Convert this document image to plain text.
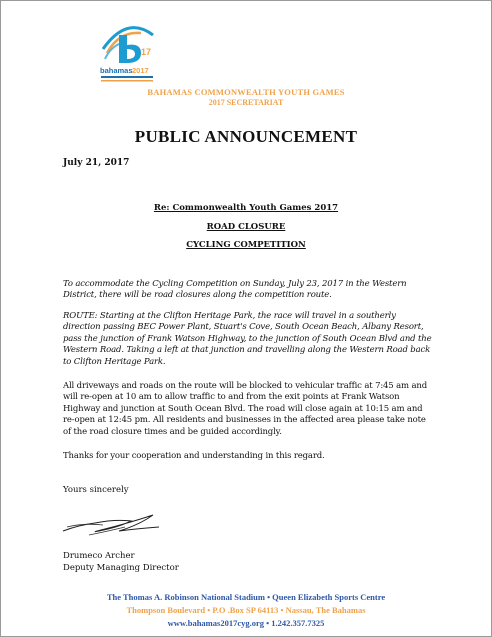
17
bahamas 2017
BAHAMAS COMMONWEALTH YOUTH GAMES
2017 SECRETARIAT
PUBLIC ANNOUNCEMENT
July 21, 2017
Re: Commonwealth Youth Games 2017
ROAD CLOSURE
CYCLING COMPETITION

To accommodate the Cycling Competition on Sunday, July 23, 2017 in the Western District, there will be road closures along the competition route.

ROUTE: Starting at the Clifton Heritage Park, the race will travel in a southerly direction passing BEC Power Plant, Stuart's Cove, South Ocean Beach, Albany Resort, pass the junction of Frank Watson Highway, to the junction of South Ocean Blvd and the Western Road. Taking a left at that junction and travelling along the Western Road back to Clifton Heritage Park.

All driveways and roads on the route will be blocked to vehicular traffic at 7:45 am and will re-open at 10 am to allow traffic to and from the exit points at Frank Watson Highway and junction at South Ocean Blvd. The road will close again at 10:15 am and re-open at 12:45 pm. All residents and businesses in the affected area please take note of the road closure times and be guided accordingly.

Thanks for your cooperation and understanding in this regard.

Yours sincerely
Drumeco Archer
Deputy Managing Director
The Thomas A. Robinson National Stadium • Queen Elizabeth Sports Centre
Thompson Boulevard • P.O .Box SP 64113 • Nassau, The Bahamas
www.bahamas2017cyg.org • 1.242.357.7325
